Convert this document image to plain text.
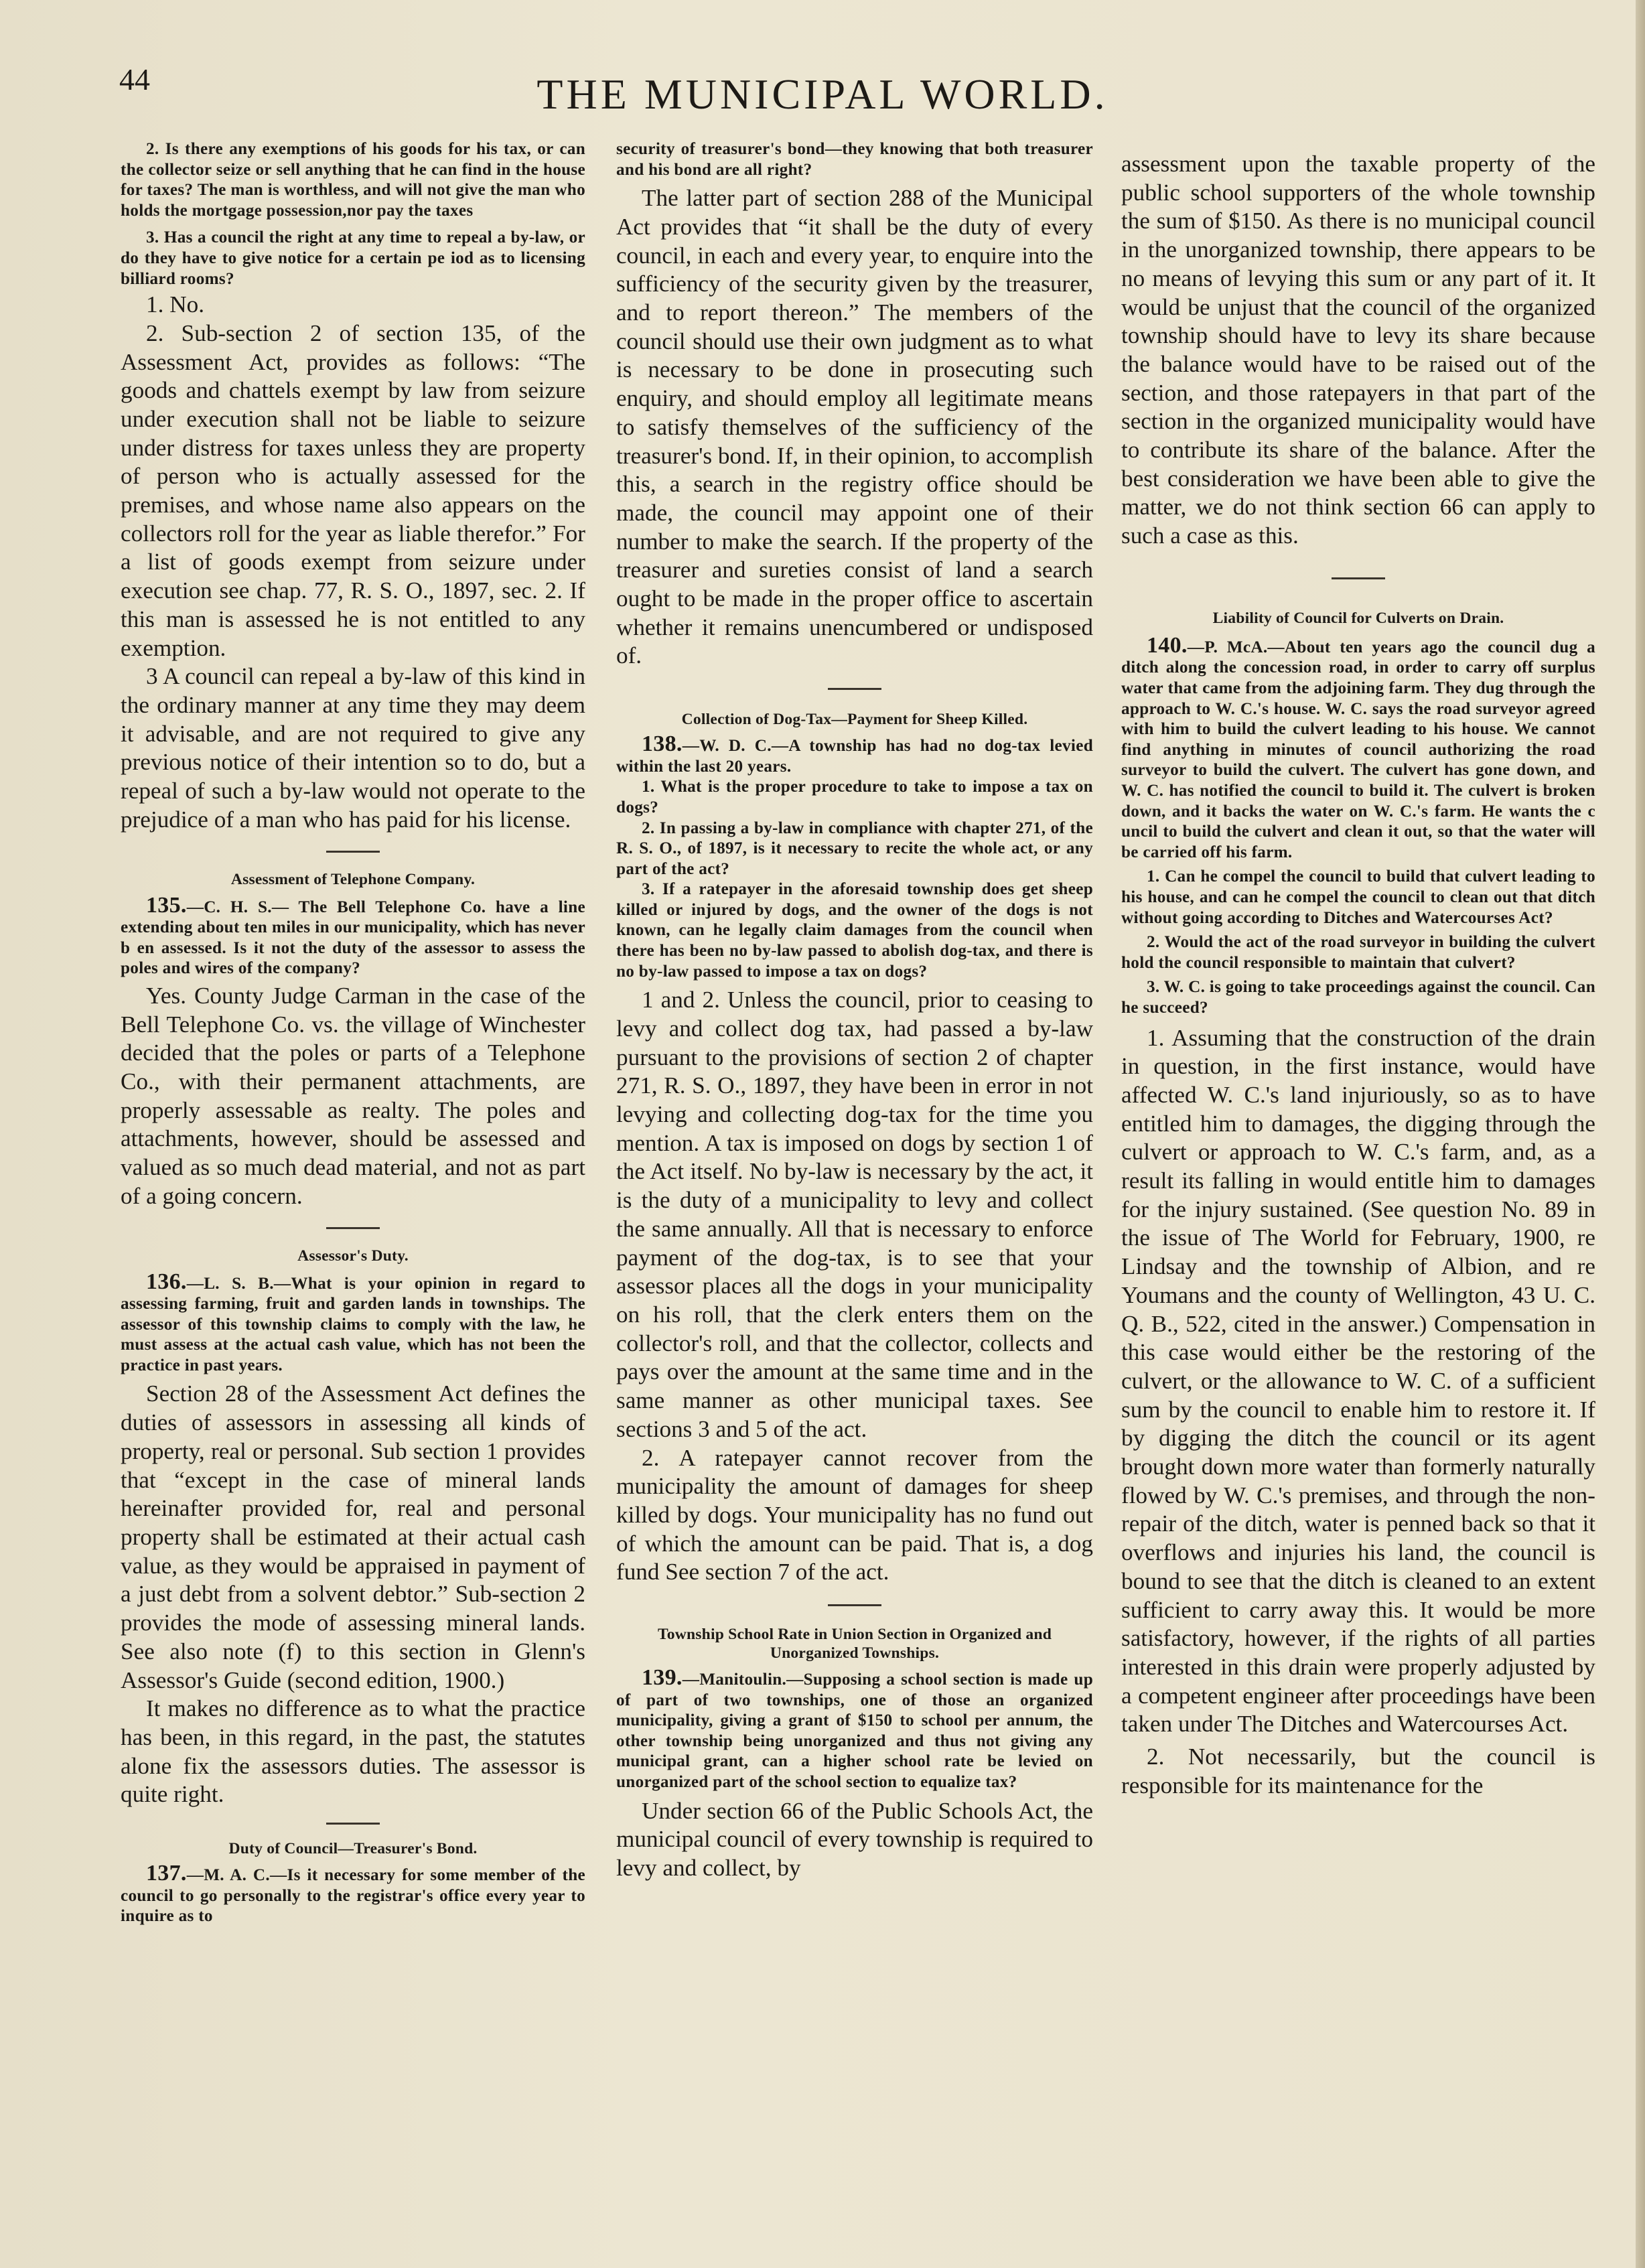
44	THE MUNICIPAL WORLD.

2. Is there any exemptions of his goods for his tax, or can the collector seize or sell anything that he can find in the house for taxes? The man is worthless, and will not give the man who holds the mortgage possession,nor pay the taxes

3. Has a council the right at any time to repeal a by-law, or do they have to give notice for a certain pe iod as to licensing billiard rooms?

1. No.

2. Sub-section 2 of section 135, of the Assessment Act, provides as follows: “The goods and chattels exempt by law from seizure under execution shall not be liable to seizure under distress for taxes unless they are property of person who is actually assessed for the premises, and whose name also appears on the collectors roll for the year as liable therefor.” For a list of goods exempt from seizure under execution see chap. 77, R. S. O., 1897, sec. 2. If this man is assessed he is not entitled to any exemption.

3 A council can repeal a by-law of this kind in the ordinary manner at any time they may deem it advisable, and are not required to give any previous notice of their intention so to do, but a repeal of such a by-law would not operate to the prejudice of a man who has paid for his license.

Assessment of Telephone Company.

135.—C. H. S.— The Bell Telephone Co. have a line extending about ten miles in our municipality, which has never b en assessed. Is it not the duty of the assessor to assess the poles and wires of the company?

Yes. County Judge Carman in the case of the Bell Telephone Co. vs. the village of Winchester decided that the poles or parts of a Telephone Co., with their permanent attachments, are properly assessable as realty. The poles and attachments, however, should be assessed and valued as so much dead material, and not as part of a going concern.

Assessor's Duty.

136.—L. S. B.—What is your opinion in regard to assessing farming, fruit and garden lands in townships. The assessor of this township claims to comply with the law, he must assess at the actual cash value, which has not been the practice in past years.

Section 28 of the Assessment Act defines the duties of assessors in assessing all kinds of property, real or personal. Sub section 1 provides that “except in the case of mineral lands hereinafter provided for, real and personal property shall be estimated at their actual cash value, as they would be appraised in payment of a just debt from a solvent debtor.” Sub-section 2 provides the mode of assessing mineral lands. See also note (f) to this section in Glenn's Assessor's Guide (second edition, 1900.)

It makes no difference as to what the practice has been, in this regard, in the past, the statutes alone fix the assessors duties. The assessor is quite right.

Duty of Council—Treasurer's Bond.

137.—M. A. C.—Is it necessary for some member of the council to go personally to the registrar's office every year to inquire as to

security of treasurer's bond—they knowing that both treasurer and his bond are all right?

The latter part of section 288 of the Municipal Act provides that “it shall be the duty of every council, in each and every year, to enquire into the sufficiency of the security given by the treasurer, and to report thereon.” The members of the council should use their own judgment as to what is necessary to be done in prosecuting such enquiry, and should employ all legitimate means to satisfy themselves of the sufficiency of the treasurer's bond. If, in their opinion, to accomplish this, a search in the registry office should be made, the council may appoint one of their number to make the search. If the property of the treasurer and sureties consist of land a search ought to be made in the proper office to ascertain whether it remains unencumbered or undisposed of.

Collection of Dog-Tax—Payment for Sheep Killed.

138.—W. D. C.—A township has had no dog-tax levied within the last 20 years.

1. What is the proper procedure to take to impose a tax on dogs?

2. In passing a by-law in compliance with chapter 271, of the R. S. O., of 1897, is it necessary to recite the whole act, or any part of the act?

3. If a ratepayer in the aforesaid township does get sheep killed or injured by dogs, and the owner of the dogs is not known, can he legally claim damages from the council when there has been no by-law passed to abolish dog-tax, and there is no by-law passed to impose a tax on dogs?

1 and 2. Unless the council, prior to ceasing to levy and collect dog tax, had passed a by-law pursuant to the provisions of section 2 of chapter 271, R. S. O., 1897, they have been in error in not levying and collecting dog-tax for the time you mention. A tax is imposed on dogs by section 1 of the Act itself. No by-law is necessary by the act, it is the duty of a municipality to levy and collect the same annually. All that is necessary to enforce payment of the dog-tax, is to see that your assessor places all the dogs in your municipality on his roll, that the clerk enters them on the collector's roll, and that the collector, collects and pays over the amount at the same time and in the same manner as other municipal taxes. See sections 3 and 5 of the act.

2. A ratepayer cannot recover from the municipality the amount of damages for sheep killed by dogs. Your municipality has no fund out of which the amount can be paid. That is, a dog fund See section 7 of the act.

Township School Rate in Union Section in Organized and Unorganized Townships.

139.—Manitoulin.—Supposing a school section is made up of part of two townships, one of those an organized municipality, giving a grant of $150 to school per annum, the other township being unorganized and thus not giving any municipal grant, can a higher school rate be levied on unorganized part of the school section to equalize tax?

Under section 66 of the Public Schools Act, the municipal council of every township is required to levy and collect, by

assessment upon the taxable property of the public school supporters of the whole township the sum of $150. As there is no municipal council in the unorganized township, there appears to be no means of levying this sum or any part of it. It would be unjust that the council of the organized township should have to levy its share because the balance would have to be raised out of the section, and those ratepayers in that part of the section in the organized municipality would have to contribute its share of the balance. After the best consideration we have been able to give the matter, we do not think section 66 can apply to such a case as this.

Liability of Council for Culverts on Drain.

140.—P. McA.—About ten years ago the council dug a ditch along the concession road, in order to carry off surplus water that came from the adjoining farm. They dug through the approach to W. C.'s house. W. C. says the road surveyor agreed with him to build the culvert leading to his house. We cannot find anything in minutes of council authorizing the road surveyor to build the culvert. The culvert has gone down, and W. C. has notified the council to build it. The culvert is broken down, and it backs the water on W. C.'s farm. He wants the c uncil to build the culvert and clean it out, so that the water will be carried off his farm.

1. Can he compel the council to build that culvert leading to his house, and can he compel the council to clean out that ditch without going according to Ditches and Watercourses Act?

2. Would the act of the road surveyor in building the culvert hold the council responsible to maintain that culvert?

3. W. C. is going to take proceedings against the council. Can he succeed?

1. Assuming that the construction of the drain in question, in the first instance, would have affected W. C.'s land injuriously, so as to have entitled him to damages, the digging through the culvert or approach to W. C.'s farm, and, as a result its falling in would entitle him to damages for the injury sustained. (See question No. 89 in the issue of The World for February, 1900, re Lindsay and the township of Albion, and re Youmans and the county of Wellington, 43 U. C. Q. B., 522, cited in the answer.) Compensation in this case would either be the restoring of the culvert, or the allowance to W. C. of a sufficient sum by the council to enable him to restore it. If by digging the ditch the council or its agent brought down more water than formerly naturally flowed by W. C.'s premises, and through the non-repair of the ditch, water is penned back so that it overflows and injuries his land, the council is bound to see that the ditch is cleaned to an extent sufficient to carry away this. It would be more satisfactory, however, if the rights of all parties interested in this drain were properly adjusted by a competent engineer after proceedings have been taken under The Ditches and Watercourses Act.

2. Not necessarily, but the council is responsible for its maintenance for the
